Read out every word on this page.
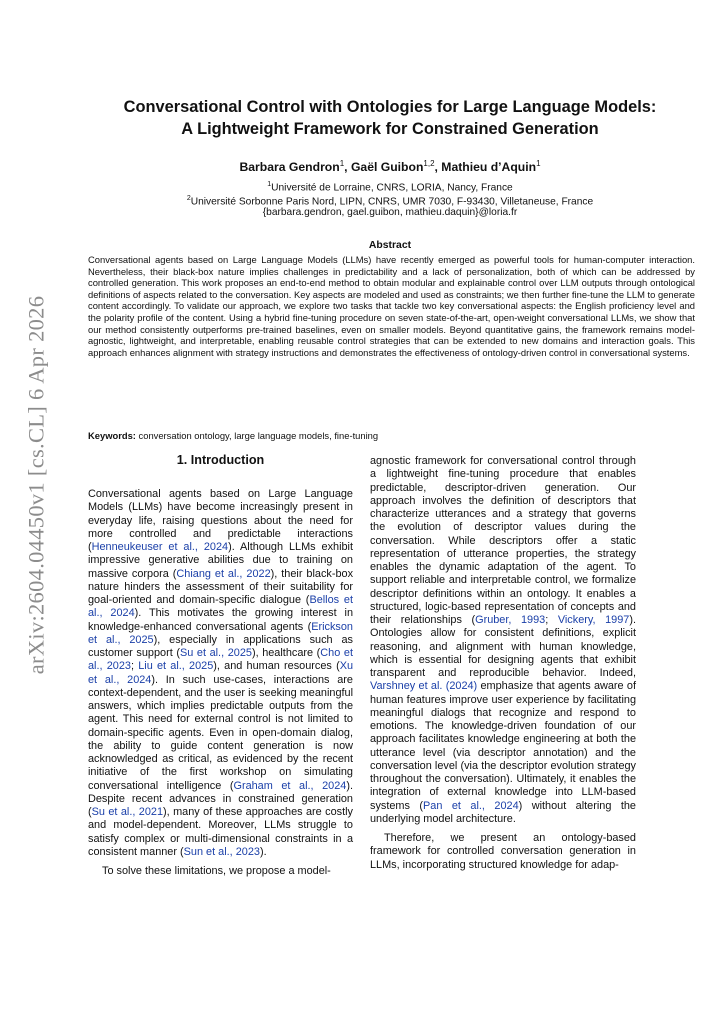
arXiv:2604.04450v1 [cs.CL] 6 Apr 2026
Conversational Control with Ontologies for Large Language Models:
A Lightweight Framework for Constrained Generation
Barbara Gendron$^1$, Gaël Guibon$^{1,2}$, Mathieu d’Aquin$^1$
$^1$Université de Lorraine, CNRS, LORIA, Nancy, France
$^2$Université Sorbonne Paris Nord, LIPN, CNRS, UMR 7030, F-93430, Villetaneuse, France
{barbara.gendron, gael.guibon, mathieu.daquin}@loria.fr
Abstract
Conversational agents based on Large Language Models (LLMs) have recently emerged as powerful tools for human-computer interaction. Nevertheless, their black-box nature implies challenges in predictability and a lack of personalization, both of which can be addressed by controlled generation. This work proposes an end-to-end method to obtain modular and explainable control over LLM outputs through ontological definitions of aspects related to the conversation. Key aspects are modeled and used as constraints; we then further fine-tune the LLM to generate content accordingly. To validate our approach, we explore two tasks that tackle two key conversational aspects: the English proficiency level and the polarity profile of the content. Using a hybrid fine-tuning procedure on seven state-of-the-art, open-weight conversational LLMs, we show that our method consistently outperforms pre-trained baselines, even on smaller models. Beyond quantitative gains, the framework remains model-agnostic, lightweight, and interpretable, enabling reusable control strategies that can be extended to new domains and interaction goals. This approach enhances alignment with strategy instructions and demonstrates the effectiveness of ontology-driven control in conversational systems.
Keywords: conversation ontology, large language models, fine-tuning
1. Introduction

Conversational agents based on Large Language Models (LLMs) have become increasingly present in everyday life, raising questions about the need for more controlled and predictable interactions (Henneukeuser et al., 2024). Although LLMs exhibit impressive generative abilities due to training on massive corpora (Chiang et al., 2022), their black-box nature hinders the assessment of their suitability for goal-oriented and domain-specific dialogue (Bellos et al., 2024). This motivates the growing interest in knowledge-enhanced conversational agents (Erickson et al., 2025), especially in applications such as customer support (Su et al., 2025), healthcare (Cho et al., 2023; Liu et al., 2025), and human resources (Xu et al., 2024). In such use-cases, interactions are context-dependent, and the user is seeking meaningful answers, which implies predictable outputs from the agent. This need for external control is not limited to domain-specific agents. Even in open-domain dialog, the ability to guide content generation is now acknowledged as critical, as evidenced by the recent initiative of the first workshop on simulating conversational intelligence (Graham et al., 2024). Despite recent advances in constrained generation (Su et al., 2021), many of these approaches are costly and model-dependent. Moreover, LLMs struggle to satisfy complex or multi-dimensional constraints in a consistent manner (Sun et al., 2023).

To solve these limitations, we propose a model-

agnostic framework for conversational control through a lightweight fine-tuning procedure that enables predictable, descriptor-driven generation. Our approach involves the definition of descriptors that characterize utterances and a strategy that governs the evolution of descriptor values during the conversation. While descriptors offer a static representation of utterance properties, the strategy enables the dynamic adaptation of the agent. To support reliable and interpretable control, we formalize descriptor definitions within an ontology. It enables a structured, logic-based representation of concepts and their relationships (Gruber, 1993; Vickery, 1997). Ontologies allow for consistent definitions, explicit reasoning, and alignment with human knowledge, which is essential for designing agents that exhibit transparent and reproducible behavior. Indeed, Varshney et al. (2024) emphasize that agents aware of human features improve user experience by facilitating meaningful dialogs that recognize and respond to emotions. The knowledge-driven foundation of our approach facilitates knowledge engineering at both the utterance level (via descriptor annotation) and the conversation level (via the descriptor evolution strategy throughout the conversation). Ultimately, it enables the integration of external knowledge into LLM-based systems (Pan et al., 2024) without altering the underlying model architecture.

Therefore, we present an ontology-based framework for controlled conversation generation in LLMs, incorporating structured knowledge for adap-
